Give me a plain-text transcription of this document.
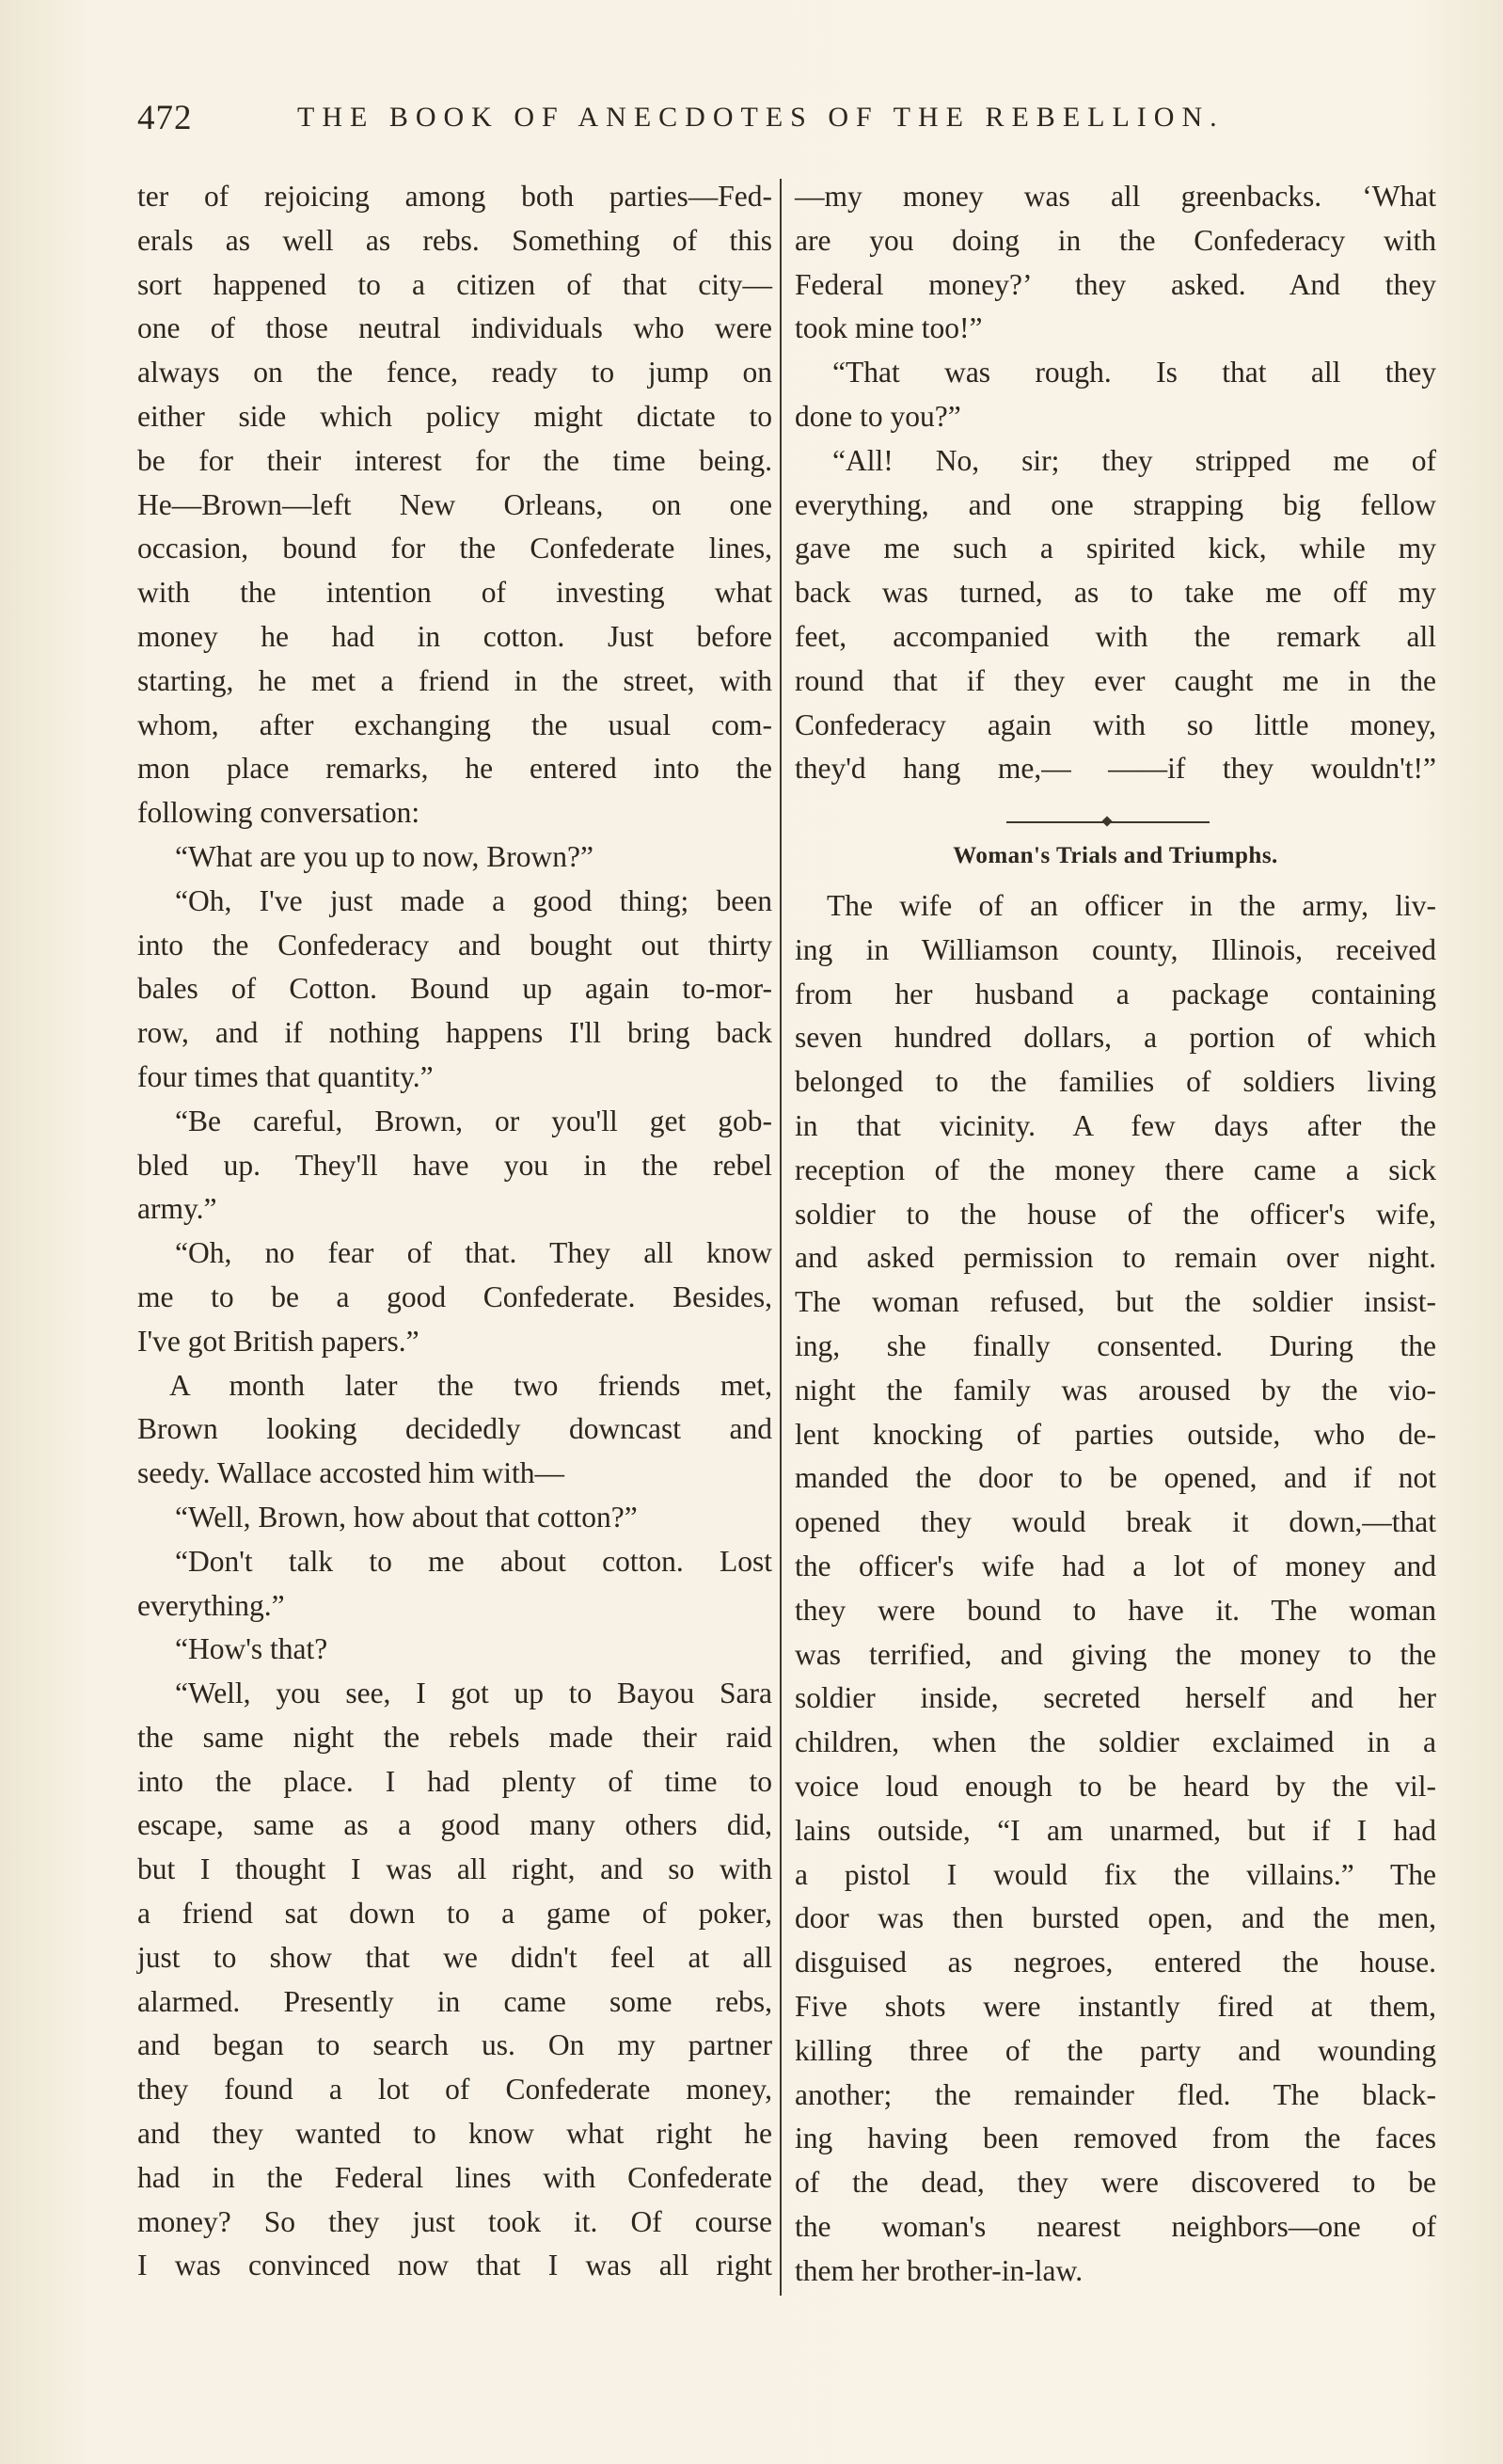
472	THE BOOK OF ANECDOTES OF THE REBELLION.

ter of rejoicing among both parties—Fed-

erals as well as rebs. Something of this

sort happened to a citizen of that city—

one of those neutral individuals who were

always on the fence, ready to jump on

either side which policy might dictate to

be for their interest for the time being.

He—Brown—left New Orleans, on one

occasion, bound for the Confederate lines,

with the intention of investing what

money he had in cotton. Just before

starting, he met a friend in the street, with

whom, after exchanging the usual com-

mon place remarks, he entered into the

following conversation:

“What are you up to now, Brown?”

“Oh, I've just made a good thing; been

into the Confederacy and bought out thirty

bales of Cotton. Bound up again to-mor-

row, and if nothing happens I'll bring back

four times that quantity.”

“Be careful, Brown, or you'll get gob-

bled up. They'll have you in the rebel

army.”

“Oh, no fear of that. They all know

me to be a good Confederate. Besides,

I've got British papers.”

A month later the two friends met,

Brown looking decidedly downcast and

seedy. Wallace accosted him with—

“Well, Brown, how about that cotton?”

“Don't talk to me about cotton. Lost

everything.”

“How's that?

“Well, you see, I got up to Bayou Sara

the same night the rebels made their raid

into the place. I had plenty of time to

escape, same as a good many others did,

but I thought I was all right, and so with

a friend sat down to a game of poker,

just to show that we didn't feel at all

alarmed. Presently in came some rebs,

and began to search us. On my partner

they found a lot of Confederate money,

and they wanted to know what right he

had in the Federal lines with Confederate

money? So they just took it. Of course

I was convinced now that I was all right

—my money was all greenbacks. ‘What

are you doing in the Confederacy with

Federal money?’ they asked. And they

took mine too!”

“That was rough. Is that all they

done to you?”

“All! No, sir; they stripped me of

everything, and one strapping big fellow

gave me such a spirited kick, while my

back was turned, as to take me off my

feet, accompanied with the remark all

round that if they ever caught me in the

Confederacy again with so little money,

they'd hang me,— ——if they wouldn't!”

Woman's Trials and Triumphs.

The wife of an officer in the army, liv-

ing in Williamson county, Illinois, received

from her husband a package containing

seven hundred dollars, a portion of which

belonged to the families of soldiers living

in that vicinity. A few days after the

reception of the money there came a sick

soldier to the house of the officer's wife,

and asked permission to remain over night.

The woman refused, but the soldier insist-

ing, she finally consented. During the

night the family was aroused by the vio-

lent knocking of parties outside, who de-

manded the door to be opened, and if not

opened they would break it down,—that

the officer's wife had a lot of money and

they were bound to have it. The woman

was terrified, and giving the money to the

soldier inside, secreted herself and her

children, when the soldier exclaimed in a

voice loud enough to be heard by the vil-

lains outside, “I am unarmed, but if I had

a pistol I would fix the villains.” The

door was then bursted open, and the men,

disguised as negroes, entered the house.

Five shots were instantly fired at them,

killing three of the party and wounding

another; the remainder fled. The black-

ing having been removed from the faces

of the dead, they were discovered to be

the woman's nearest neighbors—one of

them her brother-in-law.
